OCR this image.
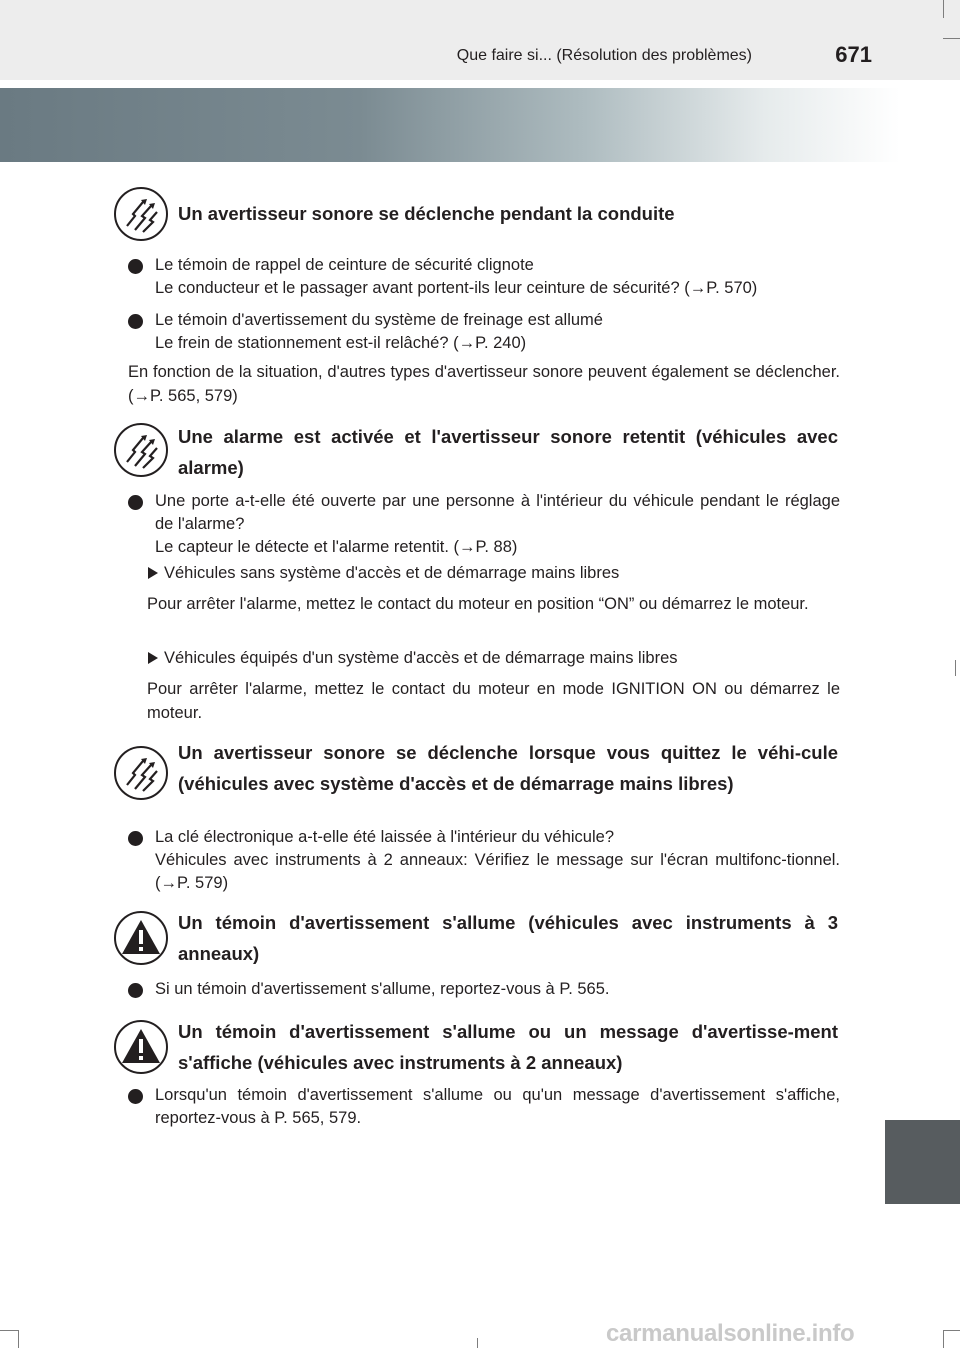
Que faire si... (Résolution des problèmes)	671
Un avertisseur sonore se déclenche pendant la conduite
Le témoin de rappel de ceinture de sécurité clignote
Le conducteur et le passager avant portent-ils leur ceinture de sécurité? (→P. 570)
Le témoin d'avertissement du système de freinage est allumé
Le frein de stationnement est-il relâché? (→P. 240)
En fonction de la situation, d'autres types d'avertisseur sonore peuvent également se déclencher. (→P. 565, 579)
Une alarme est activée et l'avertisseur sonore retentit (véhicules avec alarme)
Une porte a-t-elle été ouverte par une personne à l'intérieur du véhicule pendant le réglage de l'alarme?
Le capteur le détecte et l'alarme retentit. (→P. 88)
Véhicules sans système d'accès et de démarrage mains libres
Pour arrêter l'alarme, mettez le contact du moteur en position “ON” ou démarrez le moteur.
Véhicules équipés d'un système d'accès et de démarrage mains libres
Pour arrêter l'alarme, mettez le contact du moteur en mode IGNITION ON ou démarrez le moteur.
Un avertisseur sonore se déclenche lorsque vous quittez le véhi-cule (véhicules avec système d'accès et de démarrage mains libres)
La clé électronique a-t-elle été laissée à l'intérieur du véhicule?
Véhicules avec instruments à 2 anneaux: Vérifiez le message sur l'écran multifonc-tionnel. (→P. 579)
Un témoin d'avertissement s'allume (véhicules avec instruments à 3 anneaux)
Si un témoin d'avertissement s'allume, reportez-vous à P. 565.
Un témoin d'avertissement s'allume ou un message d'avertisse-ment s'affiche (véhicules avec instruments à 2 anneaux)
Lorsqu'un témoin d'avertissement s'allume ou qu'un message d'avertissement s'affiche, reportez-vous à P. 565, 579.
carmanualsonline.info
